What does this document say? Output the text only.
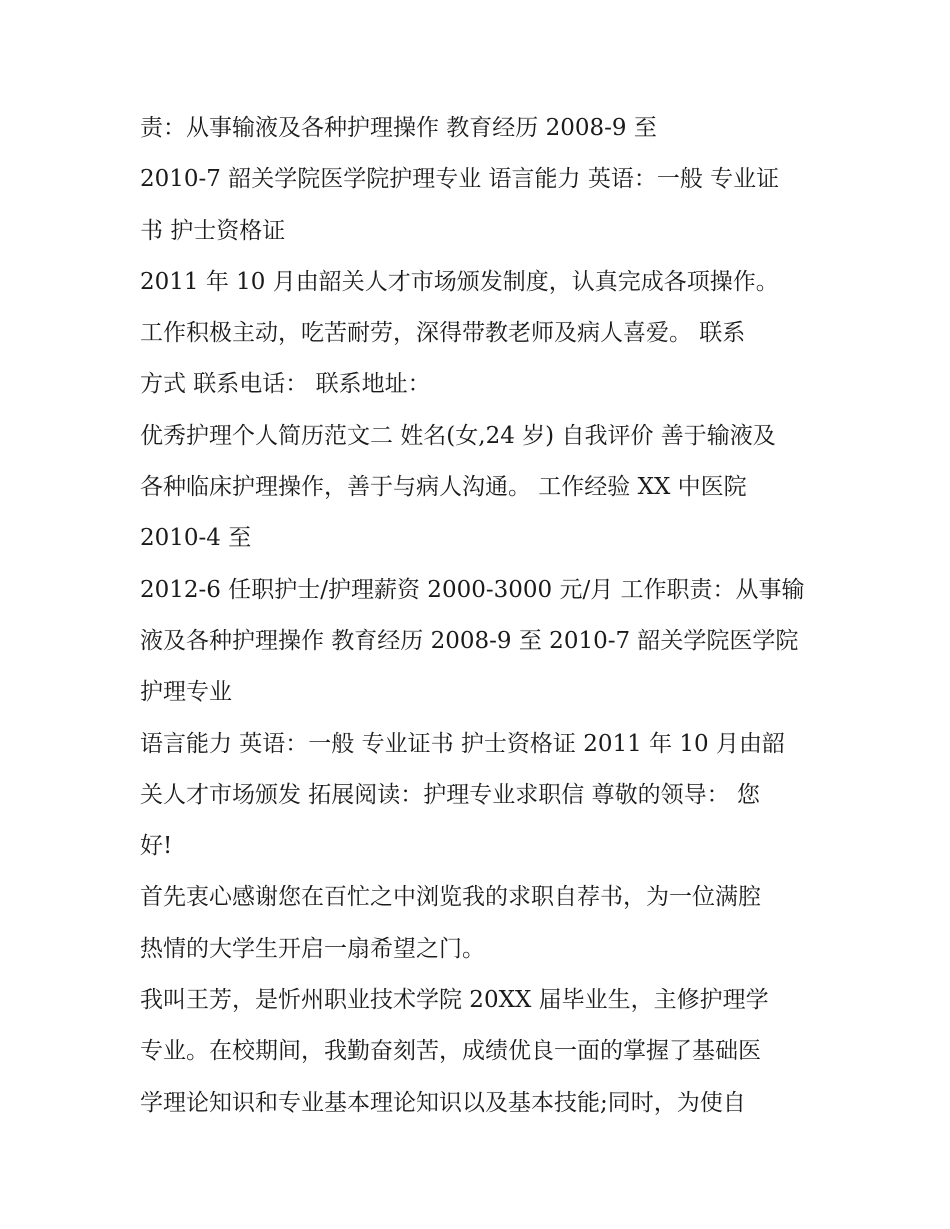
责：从事输液及各种护理操作 教育经历 2008-9 至
2010-7 韶关学院医学院护理专业 语言能力 英语：一般 专业证
书 护士资格证
2011 年 10 月由韶关人才市场颁发制度，认真完成各项操作。
工作积极主动，吃苦耐劳，深得带教老师及病人喜爱。 联系
方式 联系电话： 联系地址：
优秀护理个人简历范文二 姓名(女,24 岁) 自我评价 善于输液及
各种临床护理操作，善于与病人沟通。 工作经验 XX 中医院
2010-4 至
2012-6 任职护士/护理薪资 2000-3000 元/月 工作职责：从事输
液及各种护理操作 教育经历 2008-9 至 2010-7 韶关学院医学院
护理专业
语言能力 英语：一般 专业证书 护士资格证 2011 年 10 月由韶
关人才市场颁发 拓展阅读：护理专业求职信 尊敬的领导： 您
好!
首先衷心感谢您在百忙之中浏览我的求职自荐书，为一位满腔
热情的大学生开启一扇希望之门。
我叫王芳，是忻州职业技术学院 20XX 届毕业生，主修护理学
专业。在校期间，我勤奋刻苦，成绩优良一面的掌握了基础医
学理论知识和专业基本理论知识以及基本技能;同时，为使自
